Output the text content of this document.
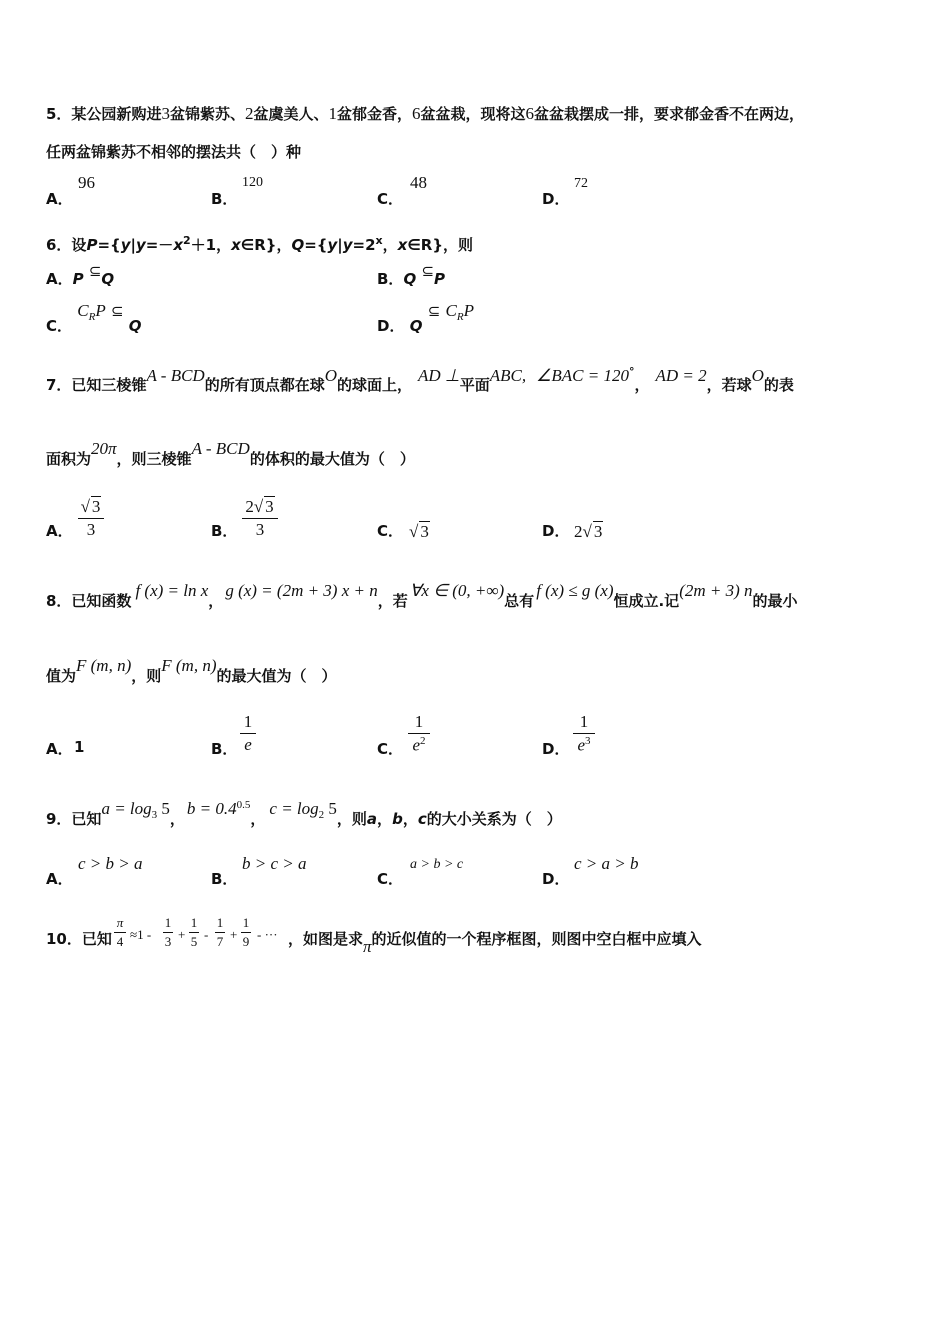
5．某公园新购进3盆锦紫苏、2盆虞美人、1盆郁金香，6盆盆栽，现将这6盆盆栽摆成一排，要求郁金香不在两边，
任两盆锦紫苏不相邻的摆法共（　）种
A．
96
B．
120
C．
48
D．
72
6．设$P=\{y|y=-x^2+1$，x∈R}，$Q=\{y|y=2^x$，x∈R}，则
A．P ⊆Q	B．Q ⊆P
C． $C_RP$ ⊆ Q	D． Q ⊆ $C_RP$
7．已知三棱锥A - BCD的所有顶点都在球O的球面上， AD ⊥平面ABC, ∠BAC = 120°， AD = 2，若球O的表
面积为20π，则三棱锥A - BCD的体积的最大值为（　）
A．
√ 3
3	B．
2√ 3
3	C． √ 3	D． 2√ 3
8．已知函数f (x) = ln x，g (x) = (2m + 3) x + n，若∀x ∈ (0, +∞)总有f (x) ≤ g (x)恒成立.记(2m + 3) n的最小
值为F (m, n)，则F (m, n)的最大值为（　）
A． 1	B．
1
e	C．
1
$e^2$	D．
1
$e^3$
9．已知$a = \log_3 5$，$b = 0.4^{0.5}$，$c = \log_2 5$，则a，b，c的大小关系为（　）
A．
c > b > a
B．
b > c > a
C．
a > b > c
D．
c > a > b
10．已知
π
4 ≈1 -
1
3 +
1
5 -
1
7 +
1
9 - ··· ，如图是求π的近似值的一个程序框图，则图中空白框中应填入
